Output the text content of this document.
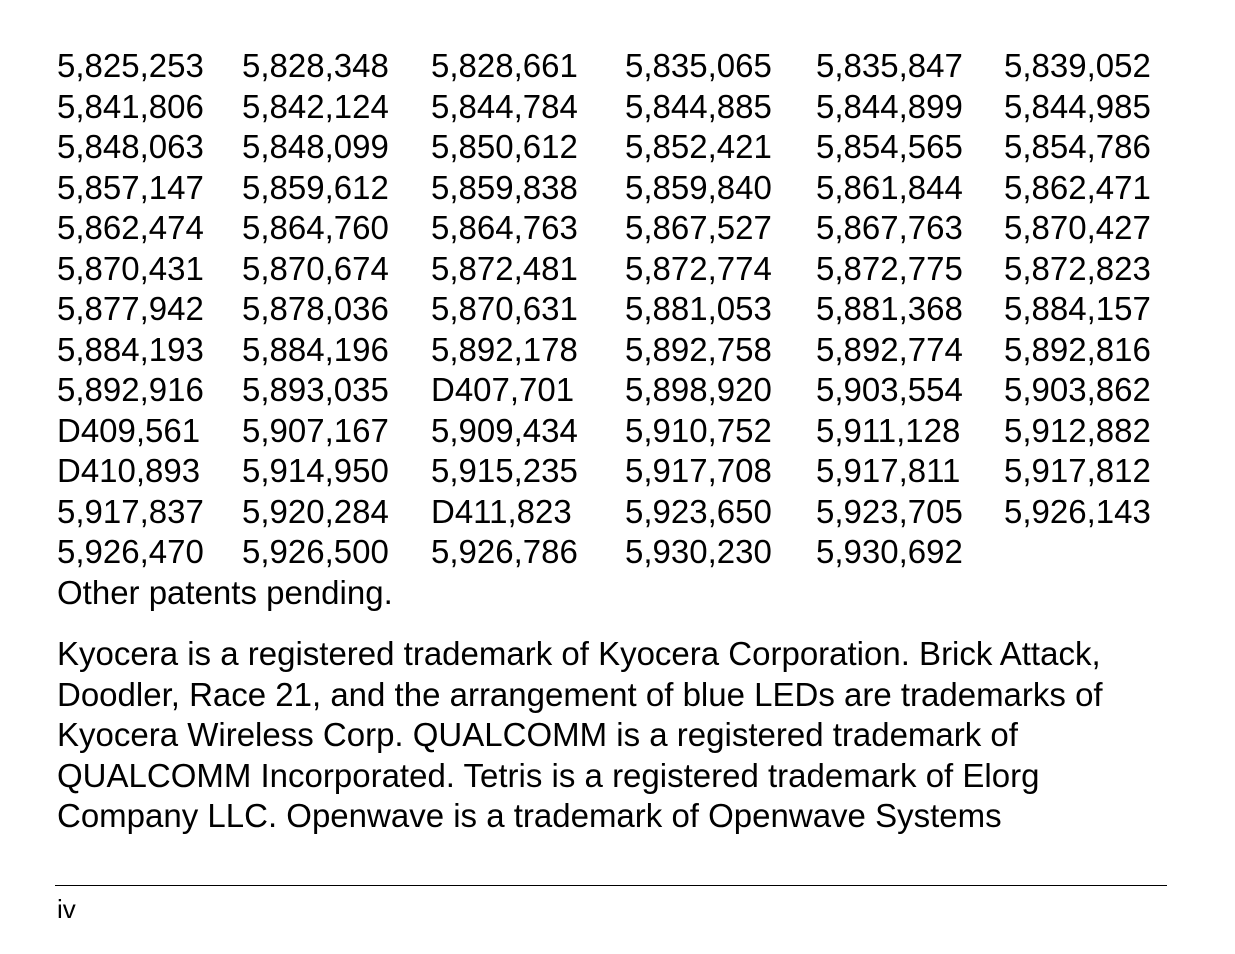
5,825,253	5,828,348	5,828,661	5,835,065	5,835,847	5,839,052
5,841,806	5,842,124	5,844,784	5,844,885	5,844,899	5,844,985
5,848,063	5,848,099	5,850,612	5,852,421	5,854,565	5,854,786
5,857,147	5,859,612	5,859,838	5,859,840	5,861,844	5,862,471
5,862,474	5,864,760	5,864,763	5,867,527	5,867,763	5,870,427
5,870,431	5,870,674	5,872,481	5,872,774	5,872,775	5,872,823
5,877,942	5,878,036	5,870,631	5,881,053	5,881,368	5,884,157
5,884,193	5,884,196	5,892,178	5,892,758	5,892,774	5,892,816
5,892,916	5,893,035	D407,701	5,898,920	5,903,554	5,903,862
D409,561	5,907,167	5,909,434	5,910,752	5,911,128	5,912,882
D410,893	5,914,950	5,915,235	5,917,708	5,917,811	5,917,812
5,917,837	5,920,284	D411,823	5,923,650	5,923,705	5,926,143
5,926,470	5,926,500	5,926,786	5,930,230	5,930,692
Other patents pending.
Kyocera is a registered trademark of Kyocera Corporation. Brick Attack,
Doodler, Race 21, and the arrangement of blue LEDs are trademarks of
Kyocera Wireless Corp. QUALCOMM is a registered trademark of
QUALCOMM Incorporated. Tetris is a registered trademark of Elorg
Company LLC. Openwave is a trademark of Openwave Systems
iv
